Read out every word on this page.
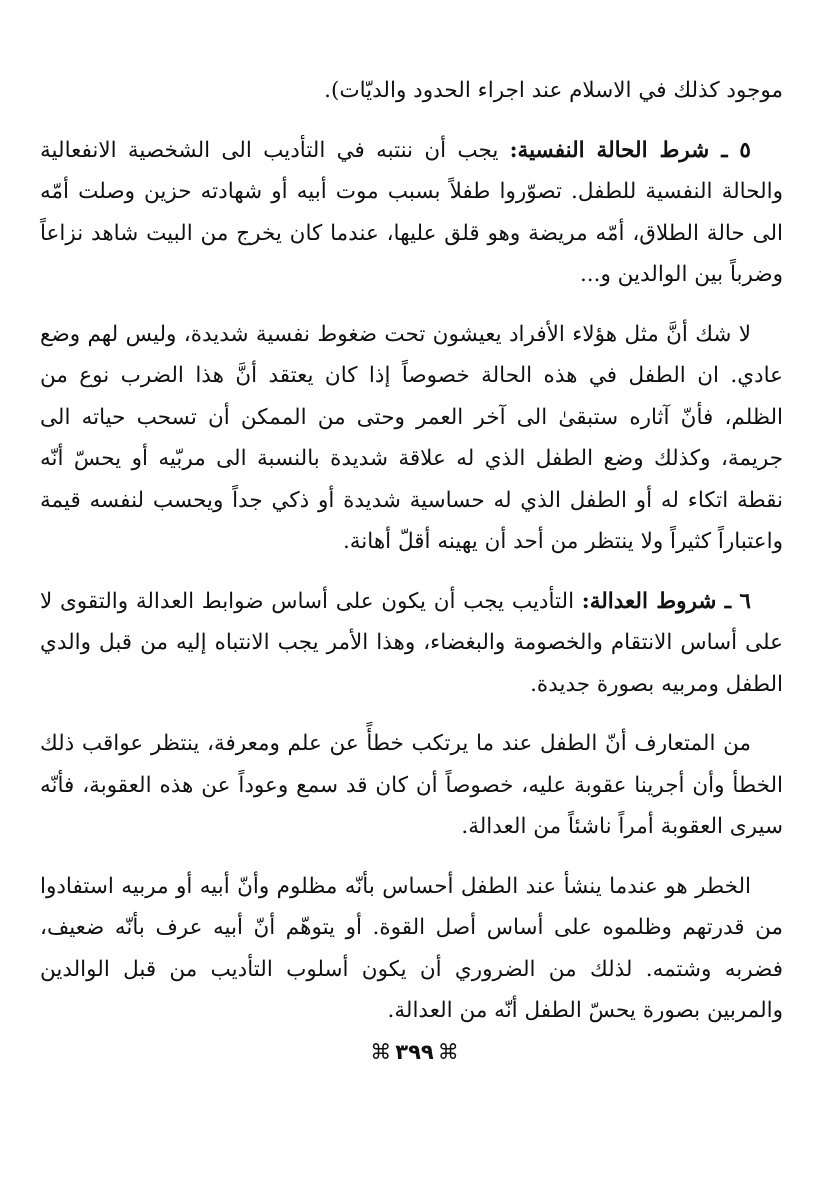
موجود كذلك في الاسلام عند اجراء الحدود والديّات).

٥ ـ شرط الحالة النفسية: يجب أن ننتبه في التأديب الى الشخصية الانفعالية والحالة النفسية للطفل. تصوّروا طفلاً بسبب موت أبيه أو شهادته حزين وصلت أمّه الى حالة الطلاق، أمّه مريضة وهو قلق عليها، عندما كان يخرج من البيت شاهد نزاعاً وضرباً بين الوالدين و...

لا شك أنَّ مثل هؤلاء الأفراد يعيشون تحت ضغوط نفسية شديدة، وليس لهم وضع عادي. ان الطفل في هذه الحالة خصوصاً إذا كان يعتقد أنَّ هذا الضرب نوع من الظلم، فأنّ آثاره ستبقىٰ الى آخر العمر وحتى من الممكن أن تسحب حياته الى جريمة، وكذلك وضع الطفل الذي له علاقة شديدة بالنسبة الى مربّيه أو يحسّ أنّه نقطة اتكاء له أو الطفل الذي له حساسية شديدة أو ذكي جداً ويحسب لنفسه قيمة واعتباراً كثيراً ولا ينتظر من أحد أن يهينه أقلّ أهانة.

٦ ـ شروط العدالة: التأديب يجب أن يكون على أساس ضوابط العدالة والتقوى لا على أساس الانتقام والخصومة والبغضاء، وهذا الأمر يجب الانتباه إليه من قبل والدي الطفل ومربيه بصورة جديدة.

من المتعارف أنّ الطفل عند ما يرتكب خطأً عن علم ومعرفة، ينتظر عواقب ذلك الخطأ وأن أجرينا عقوبة عليه، خصوصاً أن كان قد سمع وعوداً عن هذه العقوبة، فأنّه سيرى العقوبة أمراً ناشئاً من العدالة.

الخطر هو عندما ينشأ عند الطفل أحساس بأنّه مظلوم وأنّ أبيه أو مربيه استفادوا من قدرتهم وظلموه على أساس أصل القوة. أو يتوهّم أنّ أبيه عرف بأنّه ضعيف، فضربه وشتمه. لذلك من الضروري أن يكون أسلوب التأديب من قبل الوالدين والمربين بصورة يحسّ الطفل أنّه من العدالة.

⌘٣٩٩⌘
